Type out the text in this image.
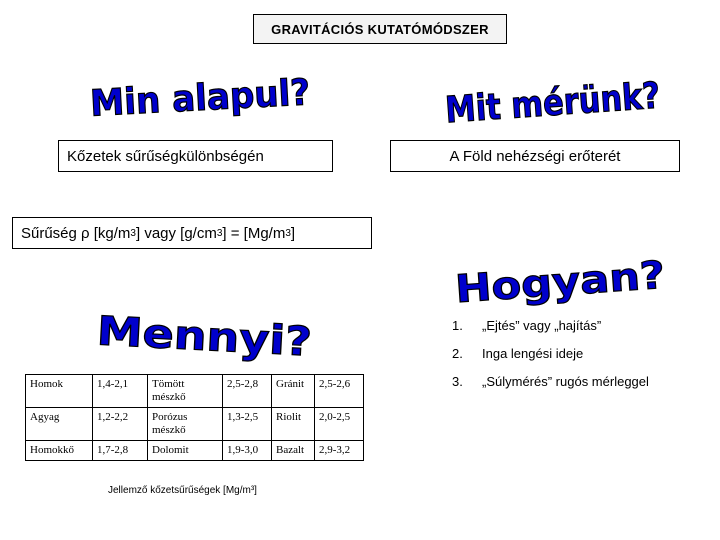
GRAVITÁCIÓS KUTATÓMÓDSZER
Min alapul?	Mit mérünk?
Kőzetek sűrűségkülönbségén	A Föld nehézségi erőterét
Sűrűség ρ [kg/m 3 ] vagy [g/cm 3 ] = [Mg/m 3 ]
Hogyan?
Mennyi?	1. „Ejtés” vagy „hajítás”
2. Inga lengési ideje
3. „Súlymérés” rugós mérleggel
Homok	1,4-2,1	Tömött mészkő	2,5-2,8	Gránit	2,5-2,6
Agyag	1,2-2,2	Porózus mészkő	1,3-2,5	Riolit	2,0-2,5
Homokkő	1,7-2,8	Dolomit	1,9-3,0	Bazalt	2,9-3,2
Jellemző kőzetsűrűségek [Mg/m³]
